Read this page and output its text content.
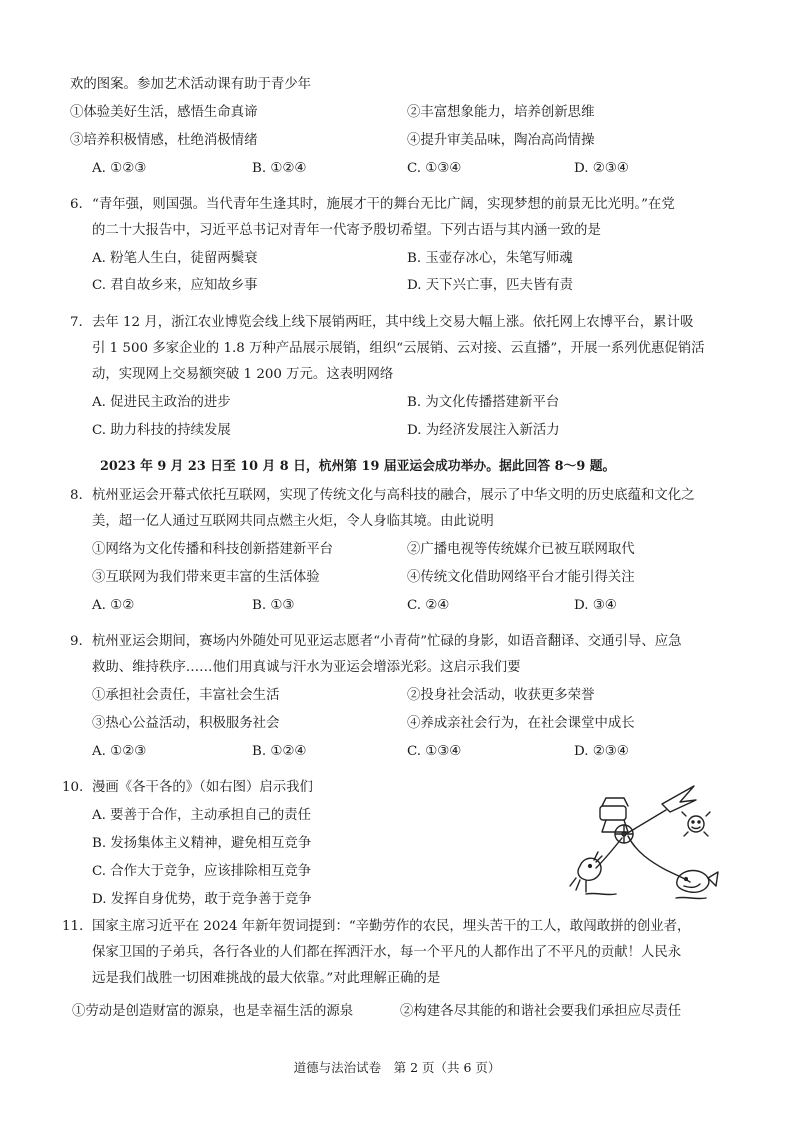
欢的图案。参加艺术活动课有助于青少年
①体验美好生活，感悟生命真谛	②丰富想象能力，培养创新思维
③培养积极情感，杜绝消极情绪	④提升审美品味，陶冶高尚情操
A. ①②③	B. ①②④	C. ①③④	D. ②③④
6. “青年强，则国强。当代青年生逢其时，施展才干的舞台无比广阔，实现梦想的前景无比光明。”在党
的二十大报告中，习近平总书记对青年一代寄予殷切希望。下列古语与其内涵一致的是
A. 粉笔人生白，徒留两鬓衰	B. 玉壶存冰心，朱笔写师魂
C. 君自故乡来，应知故乡事	D. 天下兴亡事，匹夫皆有责
7. 去年 12 月，浙江农业博览会线上线下展销两旺，其中线上交易大幅上涨。依托网上农博平台，累计吸
引 1 500 多家企业的 1.8 万种产品展示展销，组织“云展销、云对接、云直播”，开展一系列优惠促销活
动，实现网上交易额突破 1 200 万元。这表明网络
A. 促进民主政治的进步	B. 为文化传播搭建新平台
C. 助力科技的持续发展	D. 为经济发展注入新活力
2023 年 9 月 23 日至 10 月 8 日，杭州第 19 届亚运会成功举办。据此回答 8～9 题。
8. 杭州亚运会开幕式依托互联网，实现了传统文化与高科技的融合，展示了中华文明的历史底蕴和文化之
美，超一亿人通过互联网共同点燃主火炬，令人身临其境。由此说明
①网络为文化传播和科技创新搭建新平台	②广播电视等传统媒介已被互联网取代
③互联网为我们带来更丰富的生活体验	④传统文化借助网络平台才能引得关注
A. ①②	B. ①③	C. ②④	D. ③④
9. 杭州亚运会期间，赛场内外随处可见亚运志愿者“小青荷”忙碌的身影，如语音翻译、交通引导、应急
救助、维持秩序……他们用真诚与汗水为亚运会增添光彩。这启示我们要
①承担社会责任，丰富社会生活	②投身社会活动，收获更多荣誉
③热心公益活动，积极服务社会	④养成亲社会行为，在社会课堂中成长
A. ①②③	B. ①②④	C. ①③④	D. ②③④
10. 漫画《各干各的》（如右图）启示我们
A. 要善于合作，主动承担自己的责任
B. 发扬集体主义精神，避免相互竞争
C. 合作大于竞争，应该排除相互竞争
D. 发挥自身优势，敢于竞争善于竞争
11. 国家主席习近平在 2024 年新年贺词提到：“辛勤劳作的农民，埋头苦干的工人，敢闯敢拼的创业者，
保家卫国的子弟兵，各行各业的人们都在挥洒汗水，每一个平凡的人都作出了不平凡的贡献！人民永
远是我们战胜一切困难挑战的最大依靠。”对此理解正确的是
①劳动是创造财富的源泉，也是幸福生活的源泉	②构建各尽其能的和谐社会要我们承担应尽责任
道德与法治试卷　第 2 页（共 6 页）
